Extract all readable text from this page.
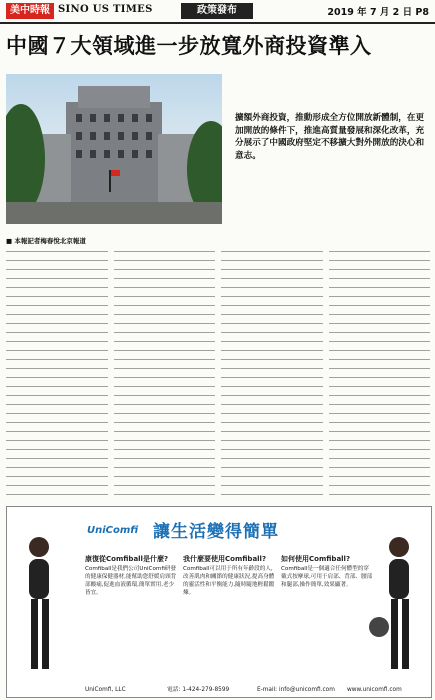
美中時報 SINO US TIMES	政策發布	2019 年 7 月 2 日 P8
中國７大領域進一步放寬外商投資準入
擴額外商投資，推動形成全方位開放新體制，在更加開放的條件下，推進高質量發展和深化改革，充分展示了中國政府堅定不移擴大對外開放的決心和意志。
■ 本報記者梅春悅北京報道
UniComfi 讓生活變得簡單
康復從Comfiball是什麼?
Comfiball是我們公司UniComfi研發的健康保健器材,能幫助您舒緩肩頸背部酸痛,促進血液循環,簡單實用,老少皆宜。
我什麼要使用Comfiball?
Comfiball可以用于所有年齡段的人,改善肌肉和關節的健康狀況,提高身體的靈活性和平衡能力,隨時隨地輕鬆鍛煉。
如何使用Comfiball?
Comfiball是一個適合任何體型的穿戴式按摩球,可用于肩部、背部、腰部和腿部,操作簡單,效果顯著。
UniComfi, LLC	電話: 1-424-279-8599	E-mail: info@unicomfi.com www.unicomfi.com
